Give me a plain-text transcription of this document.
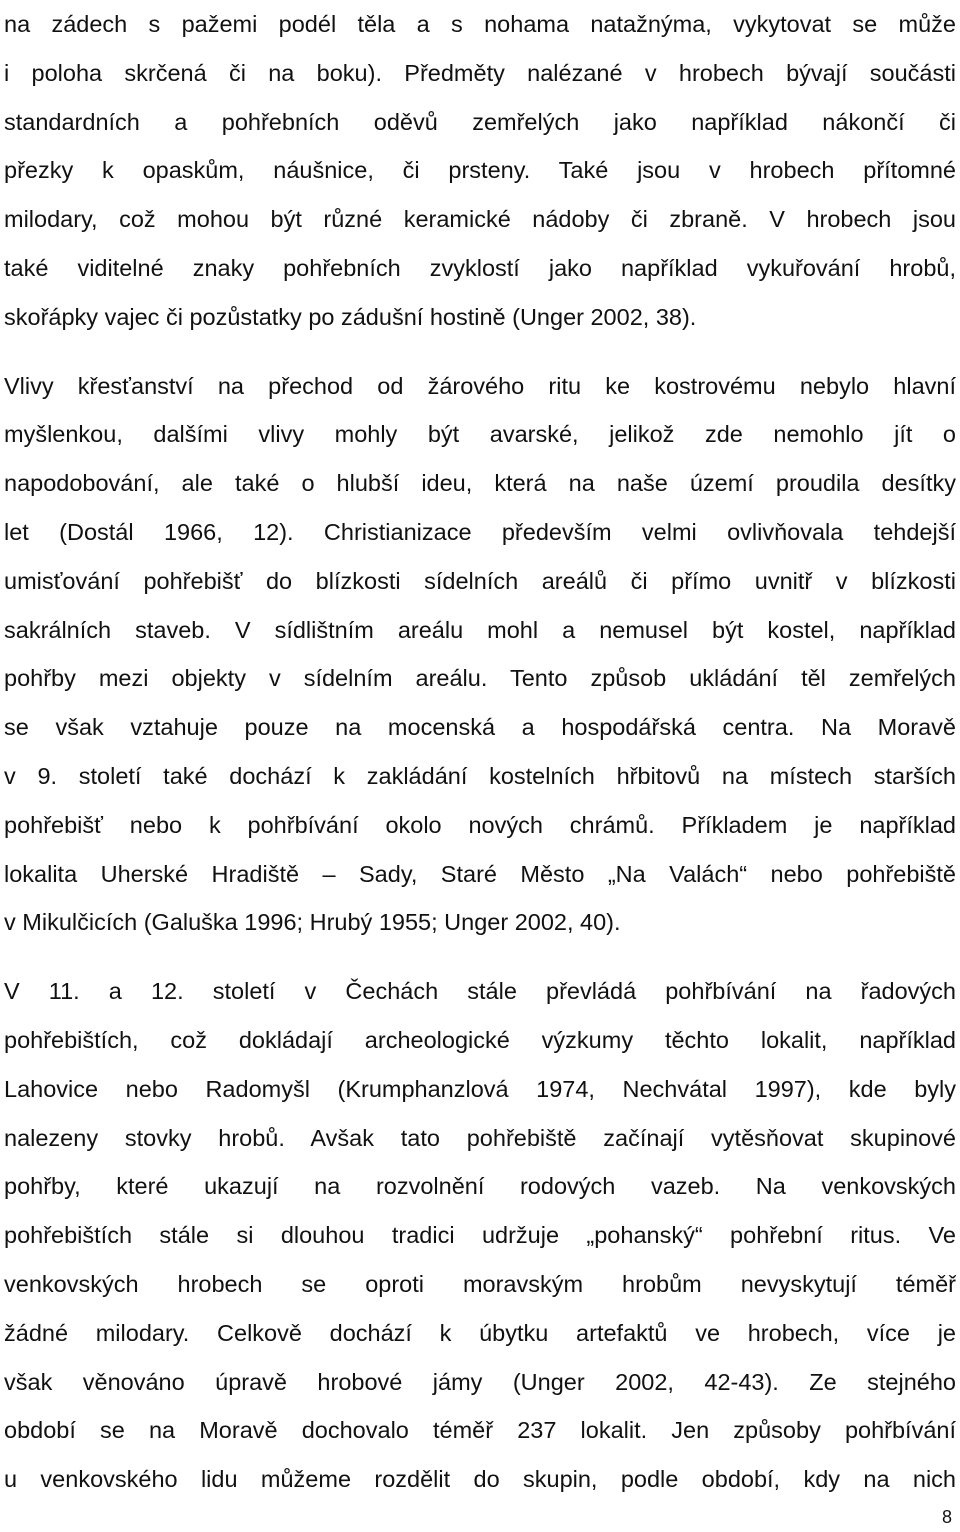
na zádech s pažemi podél těla a s nohama natažnýma, vykytovat se může
i poloha skrčená či na boku). Předměty nalézané v hrobech bývají součásti
standardních a pohřebních oděvů zemřelých jako například nákončí či
přezky k opaskům, náušnice, či prsteny. Také jsou v hrobech přítomné
milodary, což mohou být různé keramické nádoby či zbraně. V hrobech jsou
také viditelné znaky pohřebních zvyklostí jako například vykuřování hrobů,
skořápky vajec či pozůstatky po zádušní hostině (Unger 2002, 38).
Vlivy křesťanství na přechod od žárového ritu ke kostrovému nebylo hlavní
myšlenkou, dalšími vlivy mohly být avarské, jelikož zde nemohlo jít o
napodobování, ale také o hlubší ideu, která na naše území proudila desítky
let (Dostál 1966, 12). Christianizace především velmi ovlivňovala tehdejší
umisťování pohřebišť do blízkosti sídelních areálů či přímo uvnitř v blízkosti
sakrálních staveb. V sídlištním areálu mohl a nemusel být kostel, například
pohřby mezi objekty v sídelním areálu. Tento způsob ukládání těl zemřelých
se však vztahuje pouze na mocenská a hospodářská centra. Na Moravě
v 9. století také dochází k zakládání kostelních hřbitovů na místech starších
pohřebišť nebo k pohřbívání okolo nových chrámů. Příkladem je například
lokalita Uherské Hradiště – Sady, Staré Město „Na Valách“ nebo pohřebiště
v Mikulčicích (Galuška 1996; Hrubý 1955; Unger 2002, 40).
V 11. a 12. století v Čechách stále převládá pohřbívání na řadových
pohřebištích, což dokládají archeologické výzkumy těchto lokalit, například
Lahovice nebo Radomyšl (Krumphanzlová 1974, Nechvátal 1997), kde byly
nalezeny stovky hrobů. Avšak tato pohřebiště začínají vytěsňovat skupinové
pohřby, které ukazují na rozvolnění rodových vazeb. Na venkovských
pohřebištích stále si dlouhou tradici udržuje „pohanský“ pohřební ritus. Ve
venkovských hrobech se oproti moravským hrobům nevyskytují téměř
žádné milodary. Celkově dochází k úbytku artefaktů ve hrobech, více je
však věnováno úpravě hrobové jámy (Unger 2002, 42-43). Ze stejného
období se na Moravě dochovalo téměř 237 lokalit. Jen způsoby pohřbívání
u venkovského lidu můžeme rozdělit do skupin, podle období, kdy na nich
8
